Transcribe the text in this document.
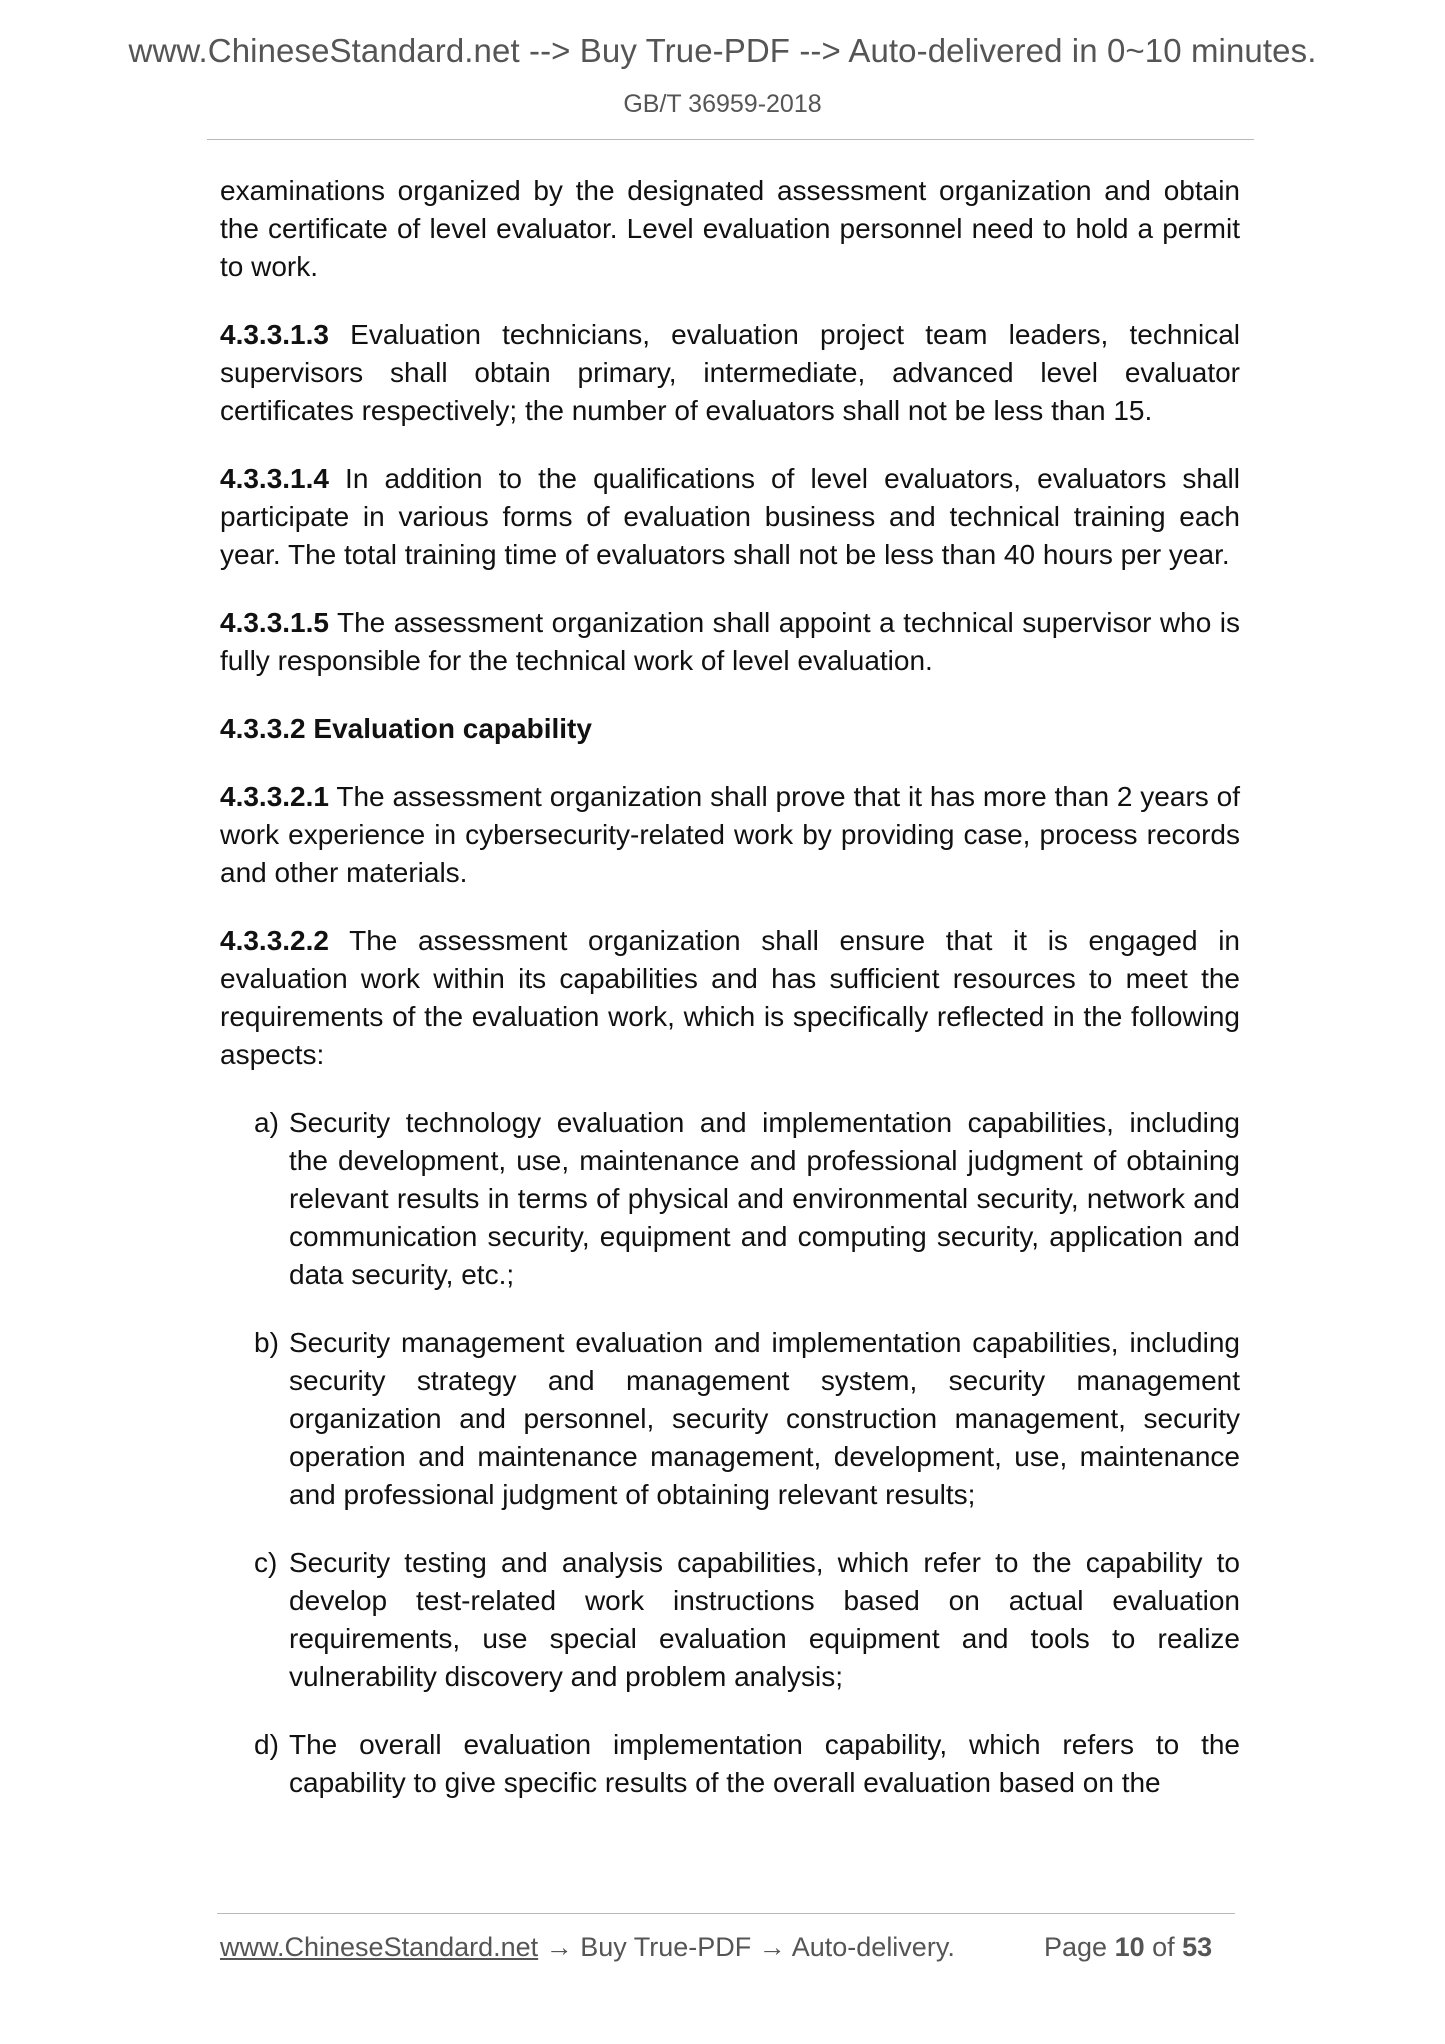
www.ChineseStandard.net --> Buy True-PDF --> Auto-delivered in 0~10 minutes.
GB/T 36959-2018

examinations organized by the designated assessment organization and obtain the certificate of level evaluator. Level evaluation personnel need to hold a permit to work.

4.3.3.1.3 Evaluation technicians, evaluation project team leaders, technical supervisors shall obtain primary, intermediate, advanced level evaluator certificates respectively; the number of evaluators shall not be less than 15.

4.3.3.1.4 In addition to the qualifications of level evaluators, evaluators shall participate in various forms of evaluation business and technical training each year. The total training time of evaluators shall not be less than 40 hours per year.

4.3.3.1.5 The assessment organization shall appoint a technical supervisor who is fully responsible for the technical work of level evaluation.

4.3.3.2 Evaluation capability

4.3.3.2.1 The assessment organization shall prove that it has more than 2 years of work experience in cybersecurity-related work by providing case, process records and other materials.

4.3.3.2.2 The assessment organization shall ensure that it is engaged in evaluation work within its capabilities and has sufficient resources to meet the requirements of the evaluation work, which is specifically reflected in the following aspects:

a) Security technology evaluation and implementation capabilities, including the development, use, maintenance and professional judgment of obtaining relevant results in terms of physical and environmental security, network and communication security, equipment and computing security, application and data security, etc.;
b) Security management evaluation and implementation capabilities, including security strategy and management system, security management organization and personnel, security construction management, security operation and maintenance management, development, use, maintenance and professional judgment of obtaining relevant results;
c) Security testing and analysis capabilities, which refer to the capability to develop test-related work instructions based on actual evaluation requirements, use special evaluation equipment and tools to realize vulnerability discovery and problem analysis;
d) The overall evaluation implementation capability, which refers to the capability to give specific results of the overall evaluation based on the
www.ChineseStandard.net → Buy True-PDF → Auto-delivery.	Page 10 of 53
